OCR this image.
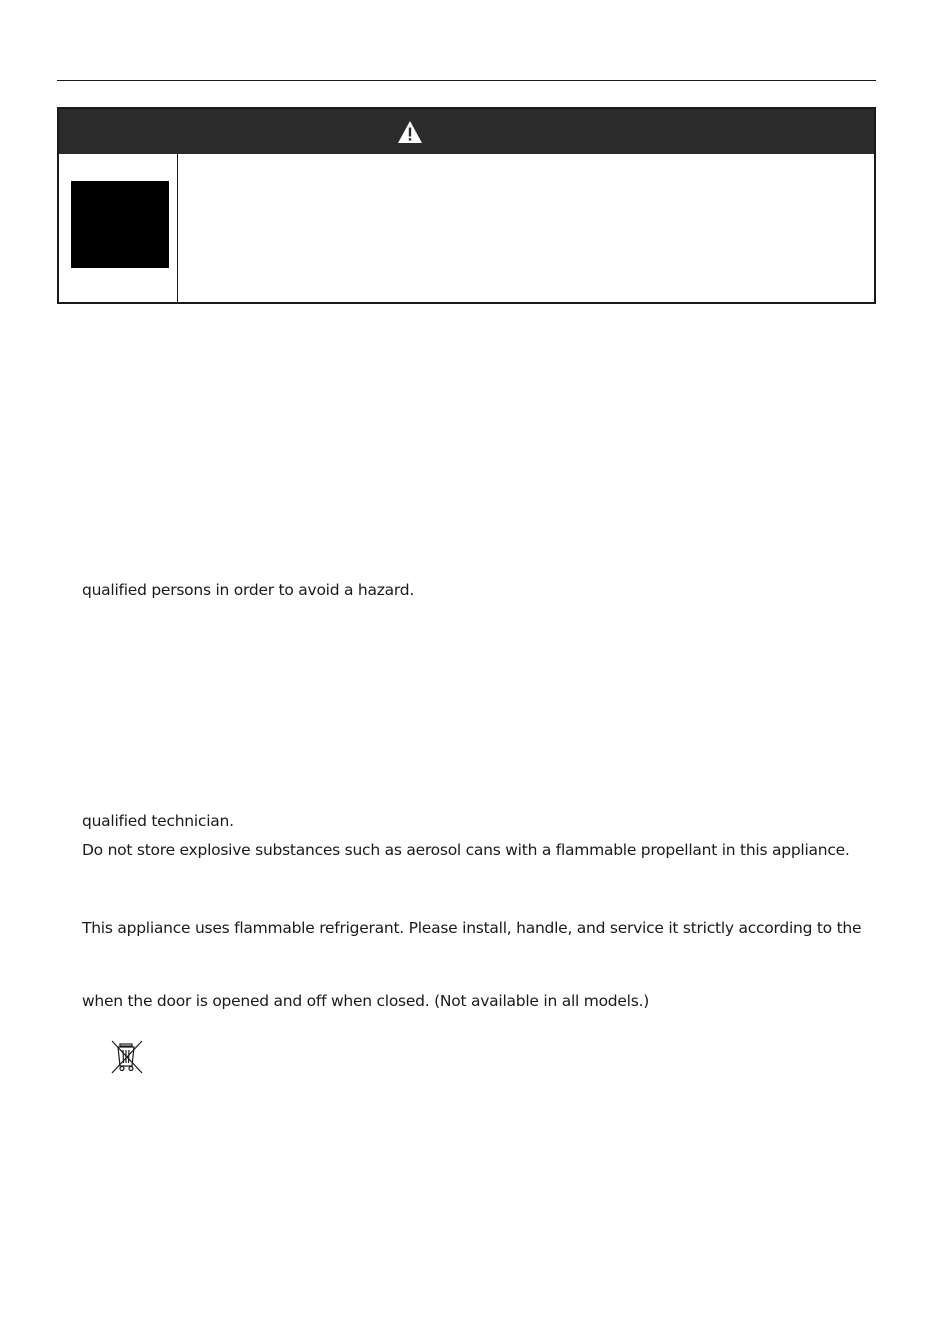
qualified persons in order to avoid a hazard.
qualified technician.
Do not store explosive substances such as aerosol cans with a flammable propellant in this appliance.
This appliance uses flammable refrigerant. Please install, handle, and service it strictly according to the
when the door is opened and off when closed. (Not available in all models.)
